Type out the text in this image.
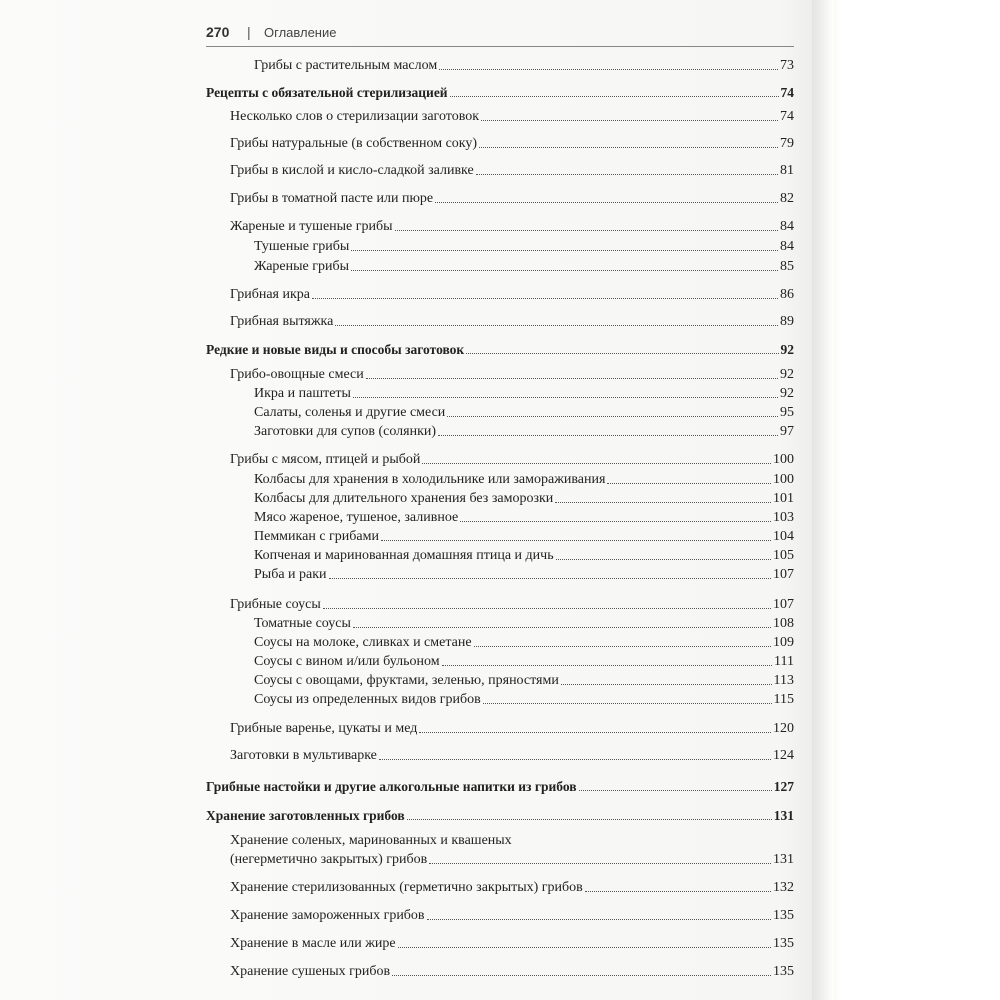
270 | Оглавление
Грибы с растительным маслом	73
Рецепты с обязательной стерилизацией	74
Несколько слов о стерилизации заготовок	74
Грибы натуральные (в собственном соку)	79
Грибы в кислой и кисло-сладкой заливке	81
Грибы в томатной пасте или пюре	82
Жареные и тушеные грибы	84
Тушеные грибы	84
Жареные грибы	85
Грибная икра	86
Грибная вытяжка	89
Редкие и новые виды и способы заготовок	92
Грибо-овощные смеси	92
Икра и паштеты	92
Салаты, соленья и другие смеси	95
Заготовки для супов (солянки)	97
Грибы с мясом, птицей и рыбой	100
Колбасы для хранения в холодильнике или замораживания	100
Колбасы для длительного хранения без заморозки	101
Мясо жареное, тушеное, заливное	103
Пеммикан с грибами	104
Копченая и маринованная домашняя птица и дичь	105
Рыба и раки	107
Грибные соусы	107
Томатные соусы	108
Соусы на молоке, сливках и сметане	109
Соусы с вином и/или бульоном	111
Соусы с овощами, фруктами, зеленью, пряностями	113
Соусы из определенных видов грибов	115
Грибные варенье, цукаты и мед	120
Заготовки в мультиварке	124
Грибные настойки и другие алкогольные напитки из грибов	127
Хранение заготовленных грибов	131
Хранение соленых, маринованных и квашеных
(негерметично закрытых) грибов	131
Хранение стерилизованных (герметично закрытых) грибов	132
Хранение замороженных грибов	135
Хранение в масле или жире	135
Хранение сушеных грибов	135
